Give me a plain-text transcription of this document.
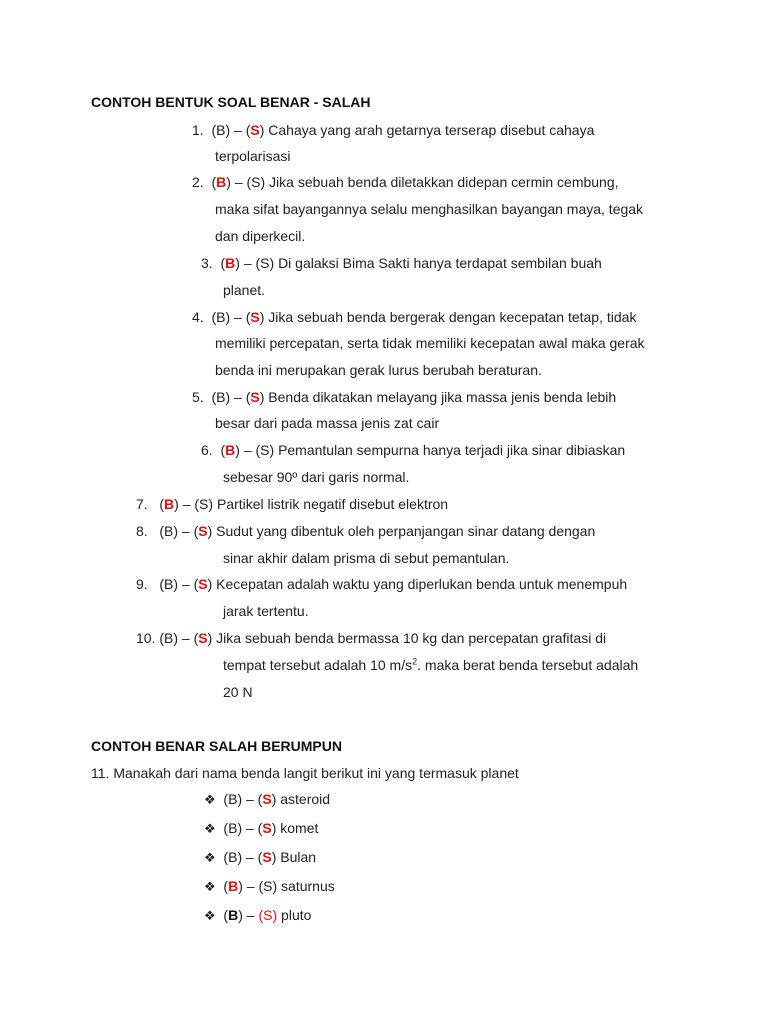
CONTOH BENTUK SOAL BENAR - SALAH
1.  (B) – (S) Cahaya yang arah getarnya terserap disebut cahaya
terpolarisasi
2.  (B) – (S) Jika sebuah benda diletakkan didepan cermin cembung,
maka sifat bayangannya selalu menghasilkan bayangan maya, tegak
dan diperkecil.
3.  (B) – (S) Di galaksi Bima Sakti hanya terdapat sembilan buah
planet.
4.  (B) – (S) Jika sebuah benda bergerak dengan kecepatan tetap, tidak
memiliki percepatan, serta tidak memiliki kecepatan awal maka gerak
benda ini merupakan gerak lurus berubah beraturan.
5.  (B) – (S) Benda dikatakan melayang jika massa jenis benda lebih
besar dari pada massa jenis zat cair
6.  (B) – (S) Pemantulan sempurna hanya terjadi jika sinar dibiaskan
sebesar 90º dari garis normal.
7.   (B) – (S) Partikel listrik negatif disebut elektron
8.   (B) – (S) Sudut yang dibentuk oleh perpanjangan sinar datang dengan
sinar akhir dalam prisma di sebut pemantulan.
9.   (B) – (S) Kecepatan adalah waktu yang diperlukan benda untuk menempuh
jarak tertentu.
10. (B) – (S) Jika sebuah benda bermassa 10 kg dan percepatan grafitasi di
tempat tersebut adalah 10 $m/s^2$. maka berat benda tersebut adalah
20 N
CONTOH BENAR SALAH BERUMPUN
11. Manakah dari nama benda langit berikut ini yang termasuk planet
❖  (B) – (S) asteroid
❖  (B) – (S) komet
❖  (B) – (S) Bulan
❖  (B) – (S) saturnus
❖  (B) – (S) pluto
